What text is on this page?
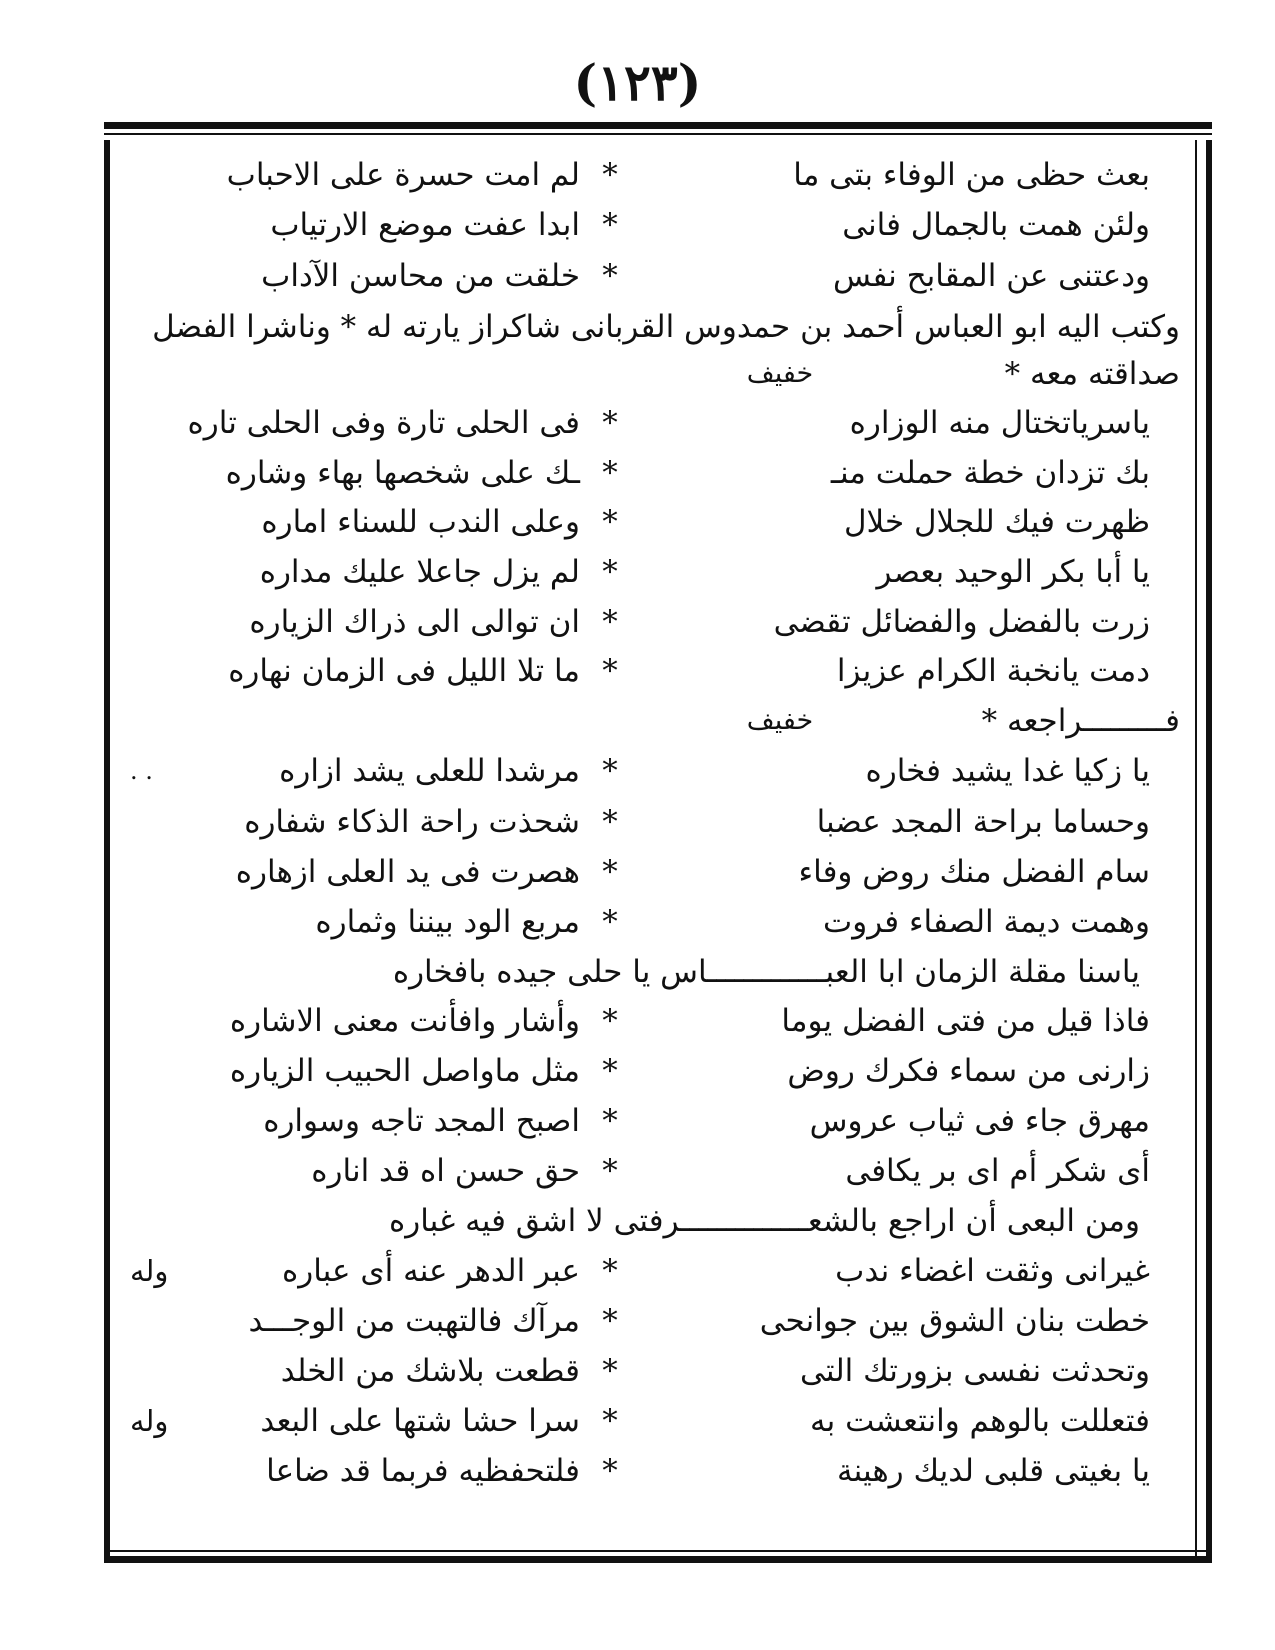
(١٢٣)
بعث حظى من الوفاء بتى ما
*
لم امت حسرة على الاحباب
ولئن همت بالجمال فانى
*
ابدا عفت موضع الارتياب
ودعتنى عن المقابح نفس
*
خلقت من محاسن الآداب
وكتب اليه ابو العباس أحمد بن حمدوس القربانى شاكراز يارته له * وناشرا الفضل
صداقته معه *
خفيف
ياسرياتختال منه الوزاره
*
فى الحلى تارة وفى الحلى تاره
بك تزدان خطة حملت منـ
*
ـك على شخصها بهاء وشاره
ظهرت فيك للجلال خلال
*
وعلى الندب للسناء اماره
يا أبا بكر الوحيد بعصر
*
لم يزل جاعلا عليك مداره
زرت بالفضل والفضائل تقضى
*
ان توالى الى ذراك الزياره
دمت يانخبة الكرام عزيزا
*
ما تلا الليل فى الزمان نهاره
فـــــــــراجعه *
خفيف
يا زكيا غدا يشيد فخاره
*
مرشدا للعلى يشد ازاره
. .
وحساما براحة المجد عضبا
*
شحذت راحة الذكاء شفاره
سام الفضل منك روض وفاء
*
هصرت فى يد العلى ازهاره
وهمت ديمة الصفاء فروت
*
مربع الود بيننا وثماره
ياسنا مقلة الزمان ابا العبـــــــــــــاس يا حلى جيده بافخاره
فاذا قيل من فتى الفضل يوما
*
وأشار وافأنت معنى الاشاره
زارنى من سماء فكرك روض
*
مثل ماواصل الحبيب الزياره
مهرق جاء فى ثياب عروس
*
اصبح المجد تاجه وسواره
أى شكر أم اى بر يكافى
*
حق حسن اه قد اناره
ومن البعى أن اراجع بالشعــــــــــــــرفتى لا اشق فيه غباره
غيرانى وثقت اغضاء ندب
*
عبر الدهر عنه أى عباره
وله
خطت بنان الشوق بين جوانحى
*
مرآك فالتهبت من الوجـــد
وتحدثت نفسى بزورتك التى
*
قطعت بلاشك من الخلد
فتعللت بالوهم وانتعشت به
*
سرا حشا شتها على البعد
وله
يا بغيتى قلبى لديك رهينة
*
فلتحفظيه فربما قد ضاعا
